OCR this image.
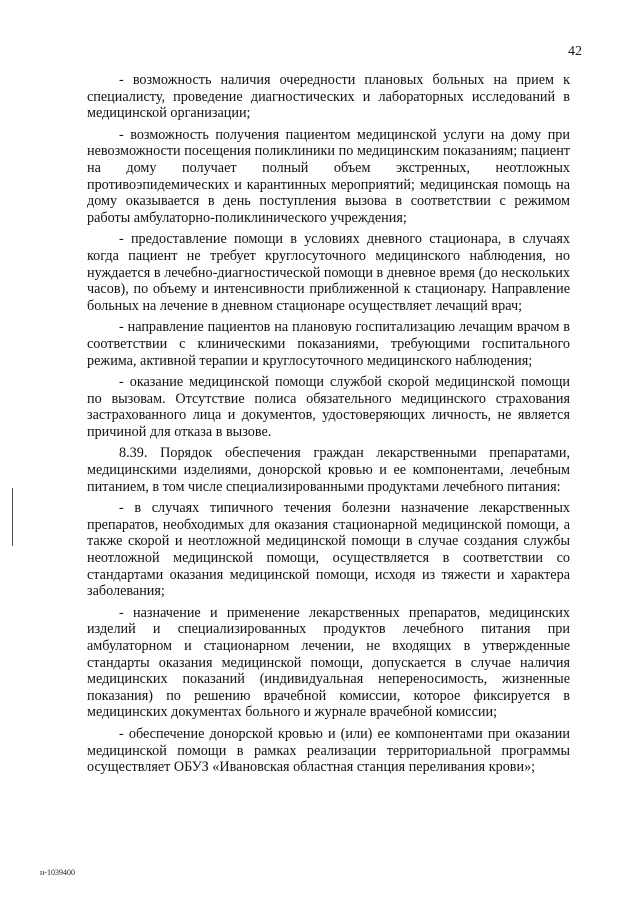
42

- возможность наличия очередности плановых больных на прием к специалисту, проведение диагностических и лабораторных исследований в медицинской организации;

- возможность получения пациентом медицинской услуги на дому при невозможности посещения поликлиники по медицинским показаниям; пациент на дому получает полный объем экстренных, неотложных противоэпидемических и карантинных мероприятий; медицинская помощь на дому оказывается в день поступления вызова в соответствии с режимом работы амбулаторно-поликлинического учреждения;

- предоставление помощи в условиях дневного стационара, в случаях когда пациент не требует круглосуточного медицинского наблюдения, но нуждается в лечебно-диагностической помощи в дневное время (до нескольких часов), по объему и интенсивности приближенной к стационару. Направление больных на лечение в дневном стационаре осуществляет лечащий врач;

- направление пациентов на плановую госпитализацию лечащим врачом в соответствии с клиническими показаниями, требующими госпитального режима, активной терапии и круглосуточного медицинского наблюдения;

- оказание медицинской помощи службой скорой медицинской помощи по вызовам. Отсутствие полиса обязательного медицинского страхования застрахованного лица и документов, удостоверяющих личность, не является причиной для отказа в вызове.

8.39. Порядок обеспечения граждан лекарственными препаратами, медицинскими изделиями, донорской кровью и ее компонентами, лечебным питанием, в том числе специализированными продуктами лечебного питания:

- в случаях типичного течения болезни назначение лекарственных препаратов, необходимых для оказания стационарной медицинской помощи, а также скорой и неотложной медицинской помощи в случае создания службы неотложной медицинской помощи, осуществляется в соответствии со стандартами оказания медицинской помощи, исходя из тяжести и характера заболевания;

- назначение и применение лекарственных препаратов, медицинских изделий и специализированных продуктов лечебного питания при амбулаторном и стационарном лечении, не входящих в утвержденные стандарты оказания медицинской помощи, допускается в случае наличия медицинских показаний (индивидуальная непереносимость, жизненные показания) по решению врачебной комиссии, которое фиксируется в медицинских документах больного и журнале врачебной комиссии;

- обеспечение донорской кровью и (или) ее компонентами при оказании медицинской помощи в рамках реализации территориальной программы осуществляет ОБУЗ «Ивановская областная станция переливания крови»;

н-1039400
